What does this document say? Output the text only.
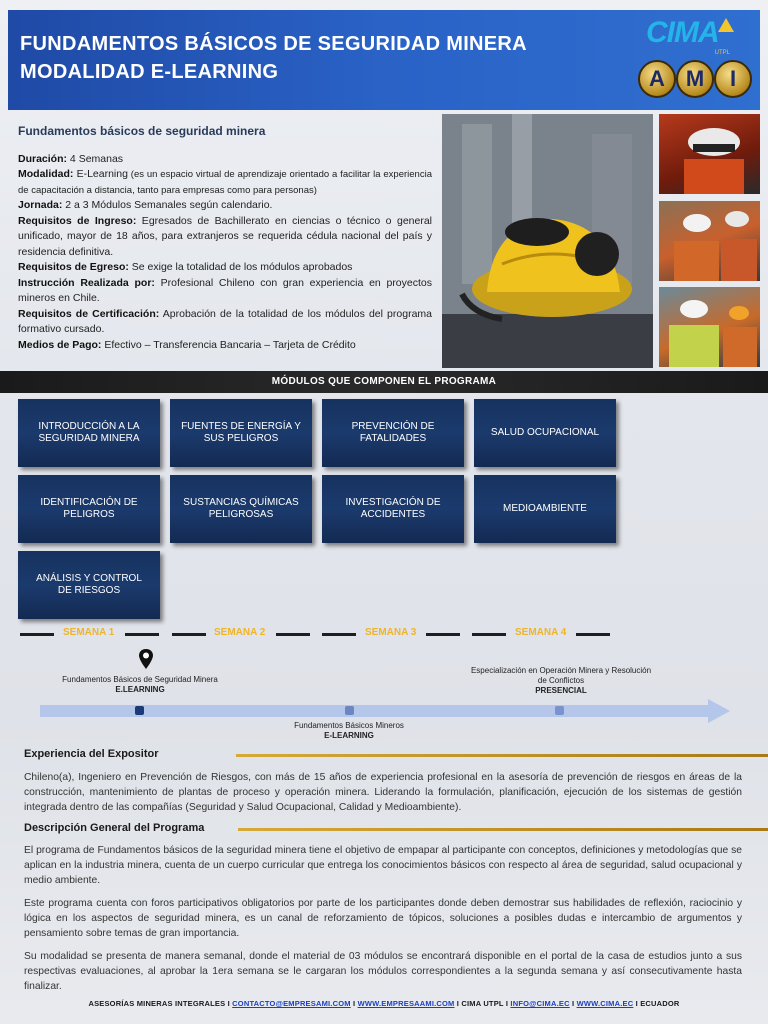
FUNDAMENTOS BÁSICOS DE SEGURIDAD MINERA
MODALIDAD E-LEARNING
CIMA
UTPL
A M	I
Fundamentos básicos de seguridad minera

Duración: 4 Semanas

Modalidad: E-Learning (es un espacio virtual de aprendizaje orientado a facilitar la experiencia de capacitación a distancia, tanto para empresas como para personas)

Jornada: 2 a 3 Módulos Semanales según calendario.

Requisitos de Ingreso: Egresados de Bachillerato en ciencias o técnico o general unificado, mayor de 18 años, para extranjeros se requerida cédula nacional del país y residencia definitiva.

Requisitos de Egreso: Se exige la totalidad de los módulos aprobados

Instrucción Realizada por: Profesional Chileno con gran experiencia en proyectos mineros en Chile.

Requisitos de Certificación: Aprobación de la totalidad de los módulos del programa formativo cursado.

Medios de Pago: Efectivo – Transferencia Bancaria – Tarjeta de Crédito

MÓDULOS QUE COMPONEN EL PROGRAMA
INTRODUCCIÓN A LA SEGURIDAD MINERA
FUENTES DE ENERGÍA Y SUS PELIGROS
PREVENCIÓN DE FATALIDADES
SALUD OCUPACIONAL
IDENTIFICACIÓN DE PELIGROS
SUSTANCIAS QUÍMICAS PELIGROSAS
INVESTIGACIÓN DE ACCIDENTES
MEDIOAMBIENTE
ANÁLISIS Y CONTROL DE RIESGOS
SEMANA 1	SEMANA 2	SEMANA 3	SEMANA 4
Fundamentos Básicos de Seguridad Minera
E.LEARNING
Especialización en Operación Minera y Resolución de Conflictos
PRESENCIAL
Fundamentos Básicos Mineros
E-LEARNING
Experiencia del Expositor
Chileno(a), Ingeniero en Prevención de Riesgos, con más de 15 años de experiencia profesional en la asesoría de prevención de riesgos en áreas de la construcción, mantenimiento de plantas de proceso y operación minera. Liderando la formulación, planificación, ejecución de los sistemas de gestión integrada dentro de las compañías (Seguridad y Salud Ocupacional, Calidad y Medioambiente).
Descripción General del Programa
El programa de Fundamentos básicos de la seguridad minera tiene el objetivo de empapar al participante con conceptos, definiciones y metodologías que se aplican en la industria minera, cuenta de un cuerpo curricular que entrega los conocimientos básicos con respecto al área de seguridad, salud ocupacional y medio ambiente.
Este programa cuenta con foros participativos obligatorios por parte de los participantes donde deben demostrar sus habilidades de reflexión, raciocinio y lógica en los aspectos de seguridad minera, es un canal de reforzamiento de tópicos, soluciones a posibles dudas e intercambio de argumentos y pensamiento sobre temas de gran importancia.
Su modalidad se presenta de manera semanal, donde el material de 03 módulos se encontrará disponible en el portal de la casa de estudios junto a sus respectivas evaluaciones, al aprobar la 1era semana se le cargaran los módulos correspondientes a la segunda semana y así consecutivamente hasta finalizar.
ASESORÍAS MINERAS INTEGRALES I CONTACTO@EMPRESAMI.COM I WWW.EMPRESAAMI.COM I CIMA UTPL I INFO@CIMA.EC I WWW.CIMA.EC I ECUADOR
